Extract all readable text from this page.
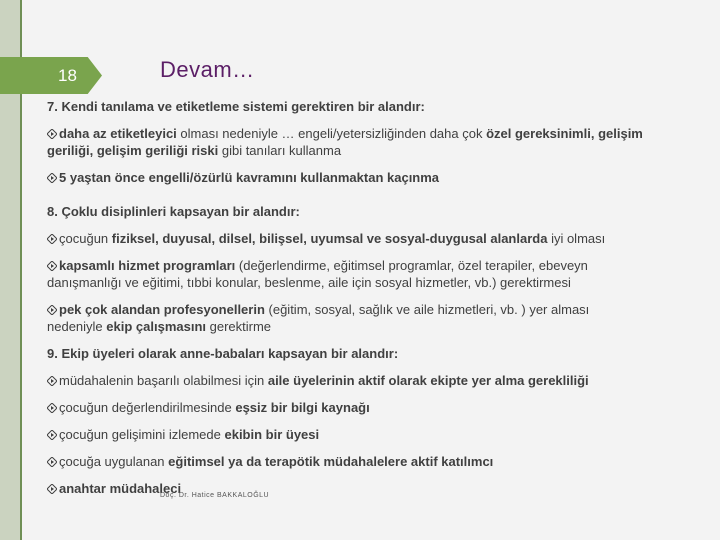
18	Devam…

7. Kendi tanılama ve etiketleme sistemi gerektiren bir alandır:

daha az etiketleyici olması nedeniyle … engeli/yetersizliğinden daha çok özel gereksinimli, gelişim geriliği, gelişim geriliği riski gibi tanıları kullanma

5 yaştan önce engelli/özürlü kavramını kullanmaktan kaçınma

8. Çoklu disiplinleri kapsayan bir alandır:

çocuğun fiziksel, duyusal, dilsel, bilişsel, uyumsal ve sosyal-duygusal alanlarda iyi olması

kapsamlı hizmet programları (değerlendirme, eğitimsel programlar, özel terapiler, ebeveyn danışmanlığı ve eğitimi, tıbbi konular, beslenme, aile için sosyal hizmetler, vb.) gerektirmesi

pek çok alandan profesyonellerin (eğitim, sosyal, sağlık ve aile hizmetleri, vb. ) yer alması nedeniyle ekip çalışmasını gerektirme

9. Ekip üyeleri olarak anne-babaları kapsayan bir alandır:

müdahalenin başarılı olabilmesi için aile üyelerinin aktif olarak ekipte yer alma gerekliliği

çocuğun değerlendirilmesinde eşsiz bir bilgi kaynağı

çocuğun gelişimini izlemede ekibin bir üyesi

çocuğa uygulanan eğitimsel ya da terapötik müdahalelere aktif katılımcı

anahtar müdahaleci

Doç. Dr. Hatice BAKKALOĞLU
